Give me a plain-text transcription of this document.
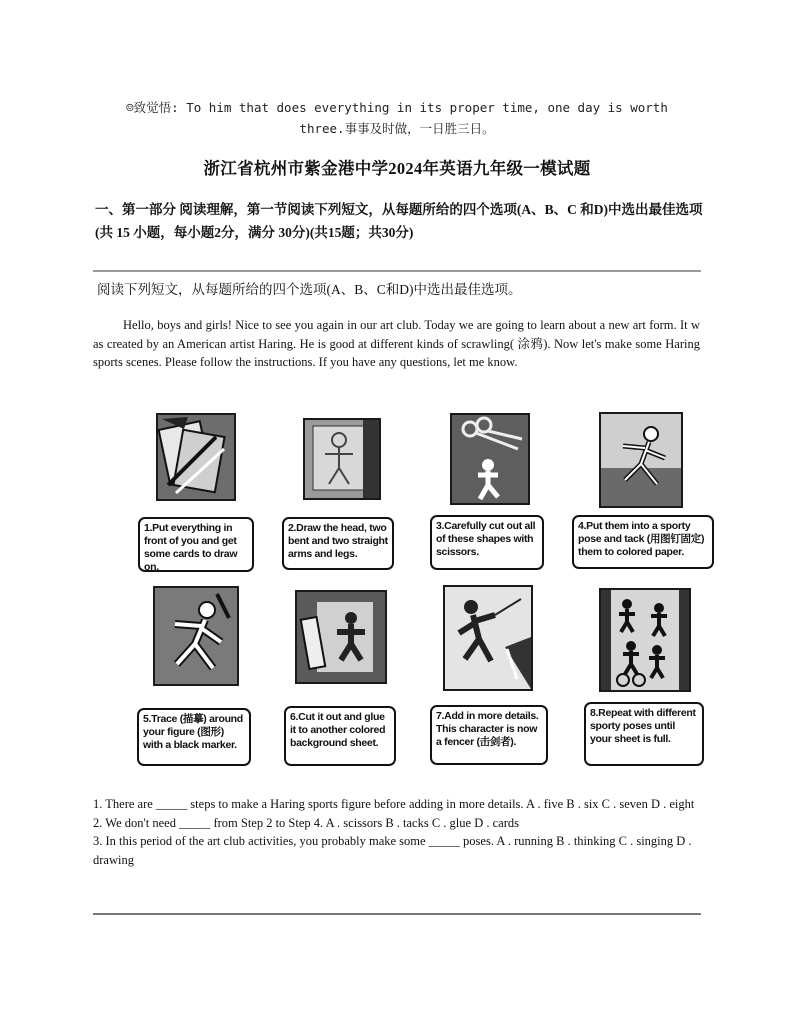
☺致觉悟: To him that does everything in its proper time, one day is worth
three.事事及时做，一日胜三日。
浙江省杭州市紫金港中学2024年英语九年级一模试题
一、第一部分 阅读理解，第一节阅读下列短文，从每题所给的四个选项(A、B、C 和D)中选出最佳选项(共 15 小题，每小题2分，满分 30分)(共15题；共30分)
阅读下列短文，从每题所给的四个选项(A、B、C和D)中选出最佳选项。
Hello, boys and girls! Nice to see you again in our art club. Today we are going to learn about a new art form. It was created by an American artist Haring. He is good at different kinds of scrawling( 涂鸦). Now let's make some Haring sports scenes. Please follow the instructions. If you have any questions, let me know.
1.Put everything in front of you and get some cards to draw on.
2.Draw the head, two bent and two straight arms and legs.
3.Carefully cut out all of these shapes with scissors.
4.Put them into a sporty pose and tack (用图钉固定) them to colored paper.
5.Trace (描摹) around your figure (图形) with a black marker.
6.Cut it out and glue it to another colored background sheet.
7.Add in more details. This character is now a fencer (击剑者).
8.Repeat with different sporty poses until your sheet is full.
1. There are _____ steps to make a Haring sports figure before adding in more details. A . five B . six C . seven D . eight
2. We don't need _____ from Step 2 to Step 4. A . scissors B . tacks C . glue D . cards
3. In this period of the art club activities, you probably make some _____ poses. A . running B . thinking C . singing D . drawing
